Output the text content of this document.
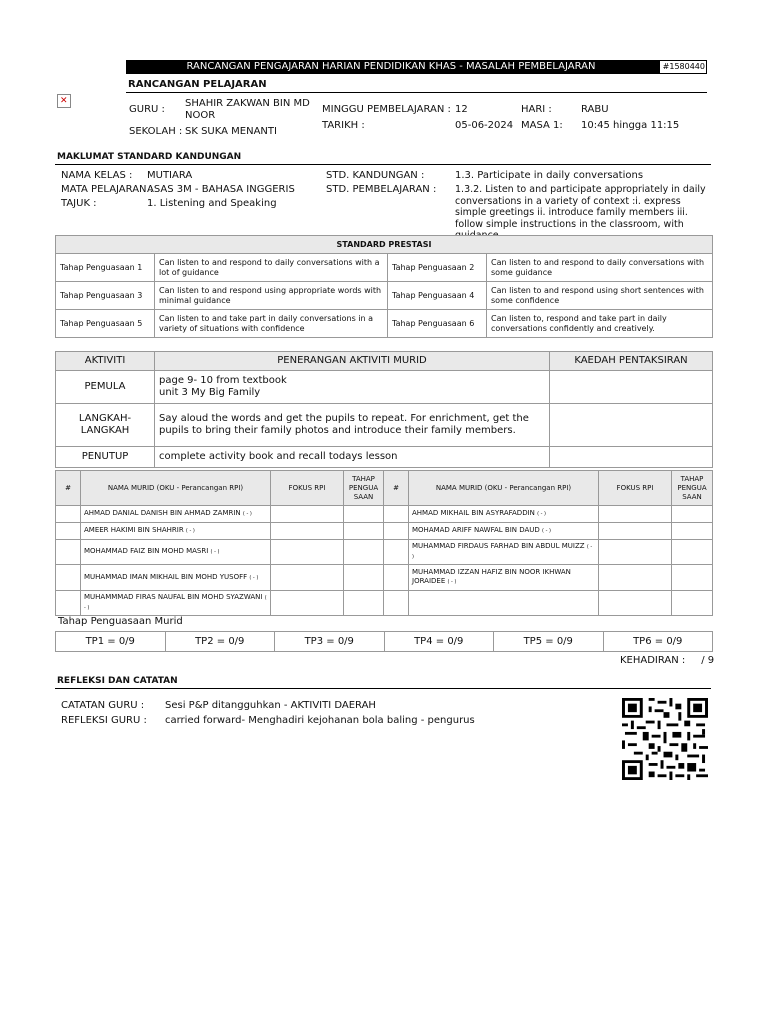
RANCANGAN PENGAJARAN HARIAN PENDIDIKAN KHAS - MASALAH PEMBELAJARAN	#1580440
RANCANGAN PELAJARAN
✕
GURU :
SHAHIR ZAKWAN BIN MD NOOR
SEKOLAH : SK SUKA MENANTI
MINGGU PEMBELAJARAN : 12
TARIKH :	05-06-2024
HARI :	RABU
MASA 1: 10:45 hingga 11:15
MAKLUMAT STANDARD KANDUNGAN
NAMA KELAS : MUTIARA
MATA PELAJARAN :
ASAS 3M - BAHASA INGGERIS
TAJUK :	1. Listening and Speaking
STD. KANDUNGAN :	1.3. Participate in daily conversations
STD. PEMBELAJARAN : 1.3.2. Listen to and participate appropriately in daily conversations in a variety of context :i. express simple greetings ii. introduce family members iii. follow simple instructions in the classroom, with
STANDARD PRESTASI			
Tahap Penguasaan 1	Can listen to and respond to daily conversations with a lot of guidance	Tahap Penguasaan 2	Can listen to and respond to daily conversations with some guidance
Tahap Penguasaan 3	Can listen to and respond using appropriate words with minimal guidance	Tahap Penguasaan 4	Can listen to and respond using short sentences with some confidence
Tahap Penguasaan 5	Can listen to and take part in daily conversations in a variety of situations with confidence	Tahap Penguasaan 6	Can listen to, respond and take part in daily conversations confidently and creatively.
AKTIVITI	PENERANGAN AKTIVITI MURID	KAEDAH PENTAKSIRAN
PEMULA	page 9- 10 from textbook
unit 3 My Big Family	
LANGKAH-LANGKAH	Say aloud the words and get the pupils to repeat. For enrichment, get the pupils to bring their family photos and introduce their family members.	
PENUTUP	complete activity book and recall todays lesson	
#	NAMA MURID (OKU - Perancangan RPI)	FOKUS RPI	TAHAP PENGUA SAAN	#	NAMA MURID (OKU - Perancangan RPI)	FOKUS RPI	TAHAP PENGUA SAAN
	AHMAD DANIAL DANISH BIN AHMAD ZAMRIN ( - )				AHMAD MIKHAIL BIN ASYRAFADDIN ( - )		
	AMEER HAKIMI BIN SHAHRIR ( - )				MOHAMAD ARIFF NAWFAL BIN DAUD ( - )		
	MOHAMMAD FAIZ BIN MOHD MASRI ( - )				MUHAMMAD FIRDAUS FARHAD BIN ABDUL MUIZZ ( - )		
	MUHAMMAD IMAN MIKHAIL BIN MOHD YUSOFF ( - )				MUHAMMAD IZZAN HAFIZ BIN NOOR IKHWAN JORAIDEE ( - )		
	MUHAMMMAD FIRAS NAUFAL BIN MOHD SYAZWANI ( - )						
Tahap Penguasaan Murid
TP1 = 0/9	TP2 = 0/9	TP3 = 0/9	TP4 = 0/9	TP5 = 0/9	TP6 = 0/9
KEHADIRAN :     / 9
REFLEKSI DAN CATATAN
CATATAN GURU : Sesi P&P ditangguhkan - AKTIVITI DAERAH
REFLEKSI GURU : carried forward- Menghadiri kejohanan bola baling - pengurus
